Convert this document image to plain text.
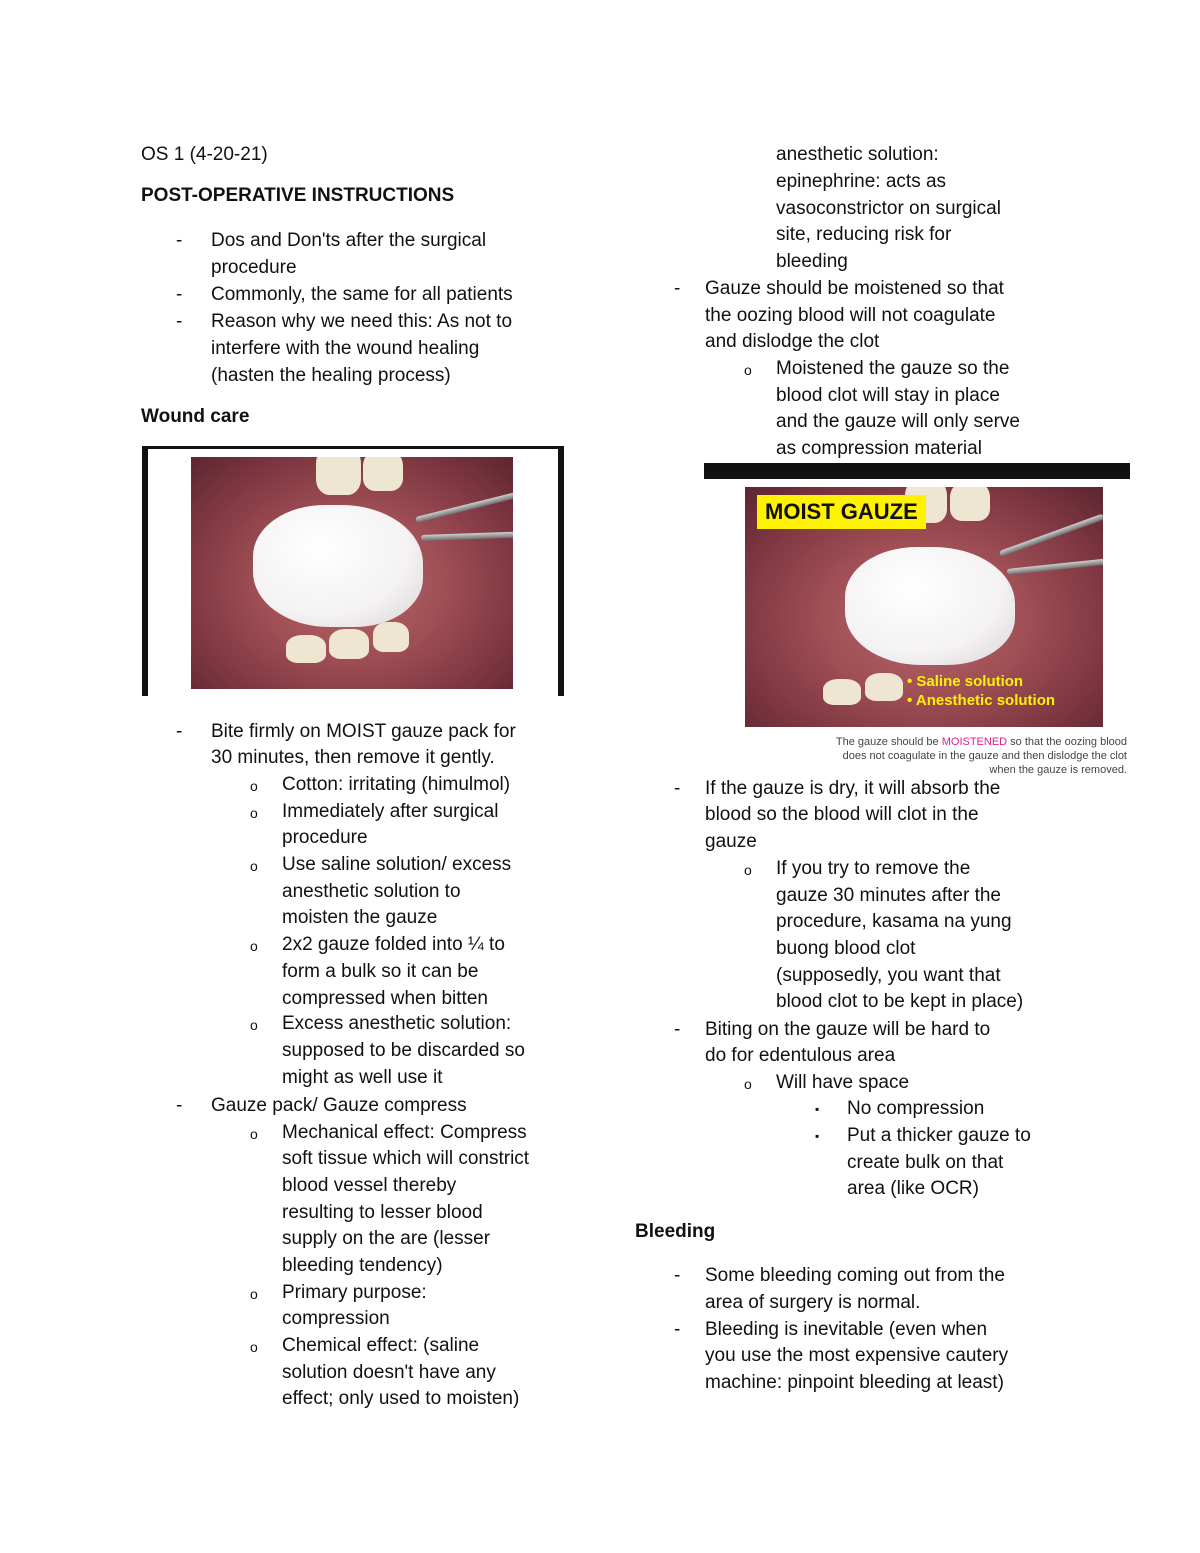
OS 1 (4-20-21)
POST-OPERATIVE INSTRUCTIONS
- Dos and Don'ts after the surgical
procedure
- Commonly, the same for all patients
- Reason why we need this: As not to
interfere with the wound healing
(hasten the healing process)
Wound care
- Bite firmly on MOIST gauze pack for
30 minutes, then remove it gently.
o Cotton: irritating (himulmol)
o Immediately after surgical
procedure
o Use saline solution/ excess
anesthetic solution to
moisten the gauze
o 2x2 gauze folded into ¼ to
form a bulk so it can be
compressed when bitten
o Excess anesthetic solution:
supposed to be discarded so
might as well use it
- Gauze pack/ Gauze compress
o Mechanical effect: Compress
soft tissue which will constrict
blood vessel thereby
resulting to lesser blood
supply on the are (lesser
bleeding tendency)
o Primary purpose:
compression
o Chemical effect: (saline
solution doesn't have any
effect; only used to moisten)
anesthetic solution:
epinephrine: acts as
vasoconstrictor on surgical
site, reducing risk for
bleeding
- Gauze should be moistened so that
the oozing blood will not coagulate
and dislodge the clot
o Moistened the gauze so the
blood clot will stay in place
and the gauze will only serve
as compression material
MOIST GAUZE
• Saline solution
• Anesthetic solution
The gauze should be MOISTENED so that the oozing blood
does not coagulate in the gauze and then dislodge the clot
when the gauze is removed.
- If the gauze is dry, it will absorb the
blood so the blood will clot in the
gauze
o If you try to remove the
gauze 30 minutes after the
procedure, kasama na yung
buong blood clot
(supposedly, you want that
blood clot to be kept in place)
- Biting on the gauze will be hard to
do for edentulous area
o Will have space
▪ No compression
▪ Put a thicker gauze to
create bulk on that
area (like OCR)
Bleeding
- Some bleeding coming out from the
area of surgery is normal.
- Bleeding is inevitable (even when
you use the most expensive cautery
machine: pinpoint bleeding at least)
